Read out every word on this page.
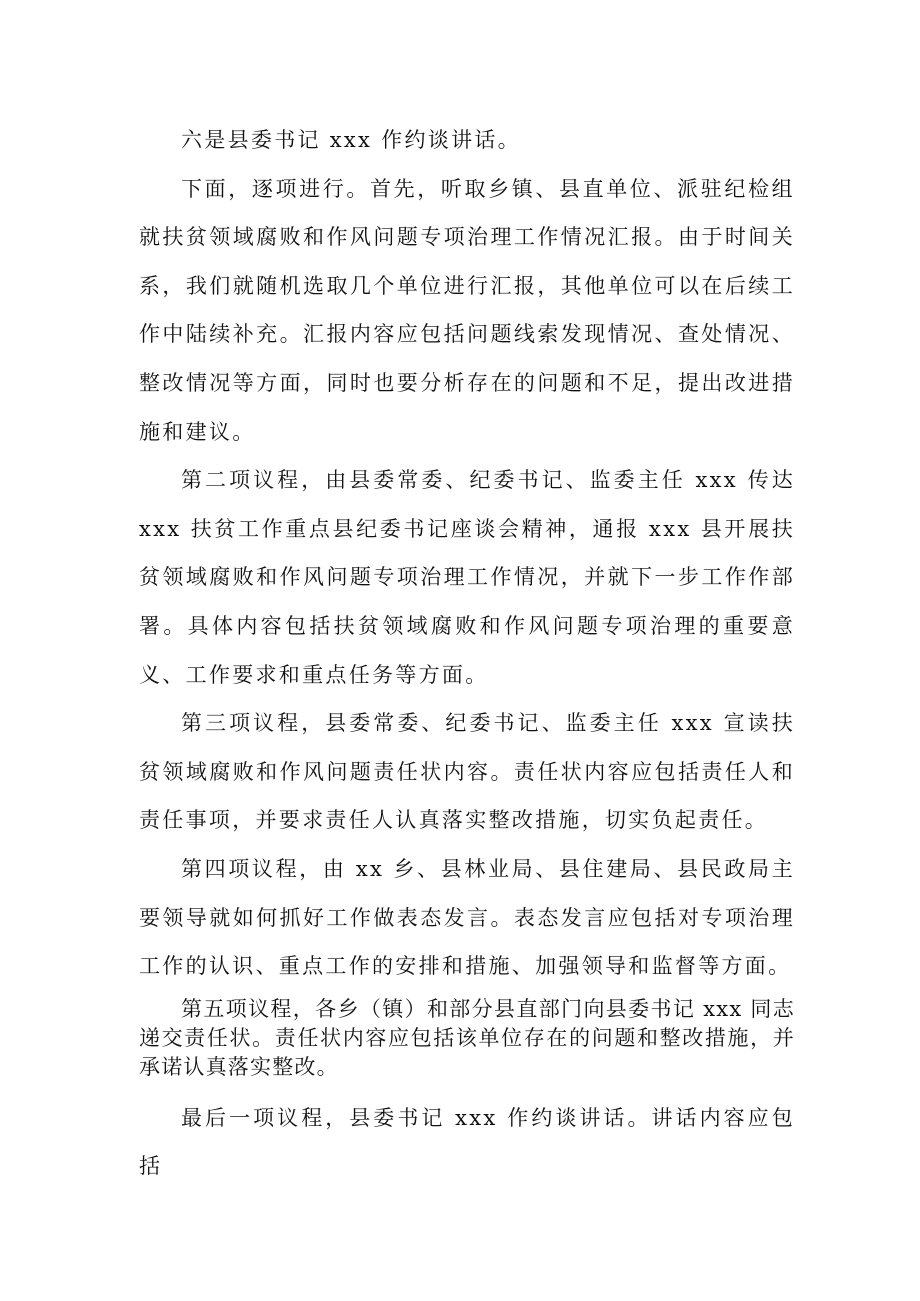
六是县委书记 xxx 作约谈讲话。

下面，逐项进行。首先，听取乡镇、县直单位、派驻纪检组就扶贫领域腐败和作风问题专项治理工作情况汇报。由于时间关系，我们就随机选取几个单位进行汇报，其他单位可以在后续工作中陆续补充。汇报内容应包括问题线索发现情况、查处情况、整改情况等方面，同时也要分析存在的问题和不足，提出改进措施和建议。

第二项议程，由县委常委、纪委书记、监委主任 xxx 传达 xxx 扶贫工作重点县纪委书记座谈会精神，通报 xxx 县开展扶贫领域腐败和作风问题专项治理工作情况，并就下一步工作作部署。具体内容包括扶贫领域腐败和作风问题专项治理的重要意义、工作要求和重点任务等方面。

第三项议程，县委常委、纪委书记、监委主任 xxx 宣读扶贫领域腐败和作风问题责任状内容。责任状内容应包括责任人和责任事项，并要求责任人认真落实整改措施，切实负起责任。

第四项议程，由 xx 乡、县林业局、县住建局、县民政局主要领导就如何抓好工作做表态发言。表态发言应包括对专项治理工作的认识、重点工作的安排和措施、加强领导和监督等方面。

第五项议程，各乡（镇）和部分县直部门向县委书记 xxx 同志递交责任状。责任状内容应包括该单位存在的问题和整改措施，并承诺认真落实整改。

最后一项议程，县委书记 xxx 作约谈讲话。讲话内容应包括
